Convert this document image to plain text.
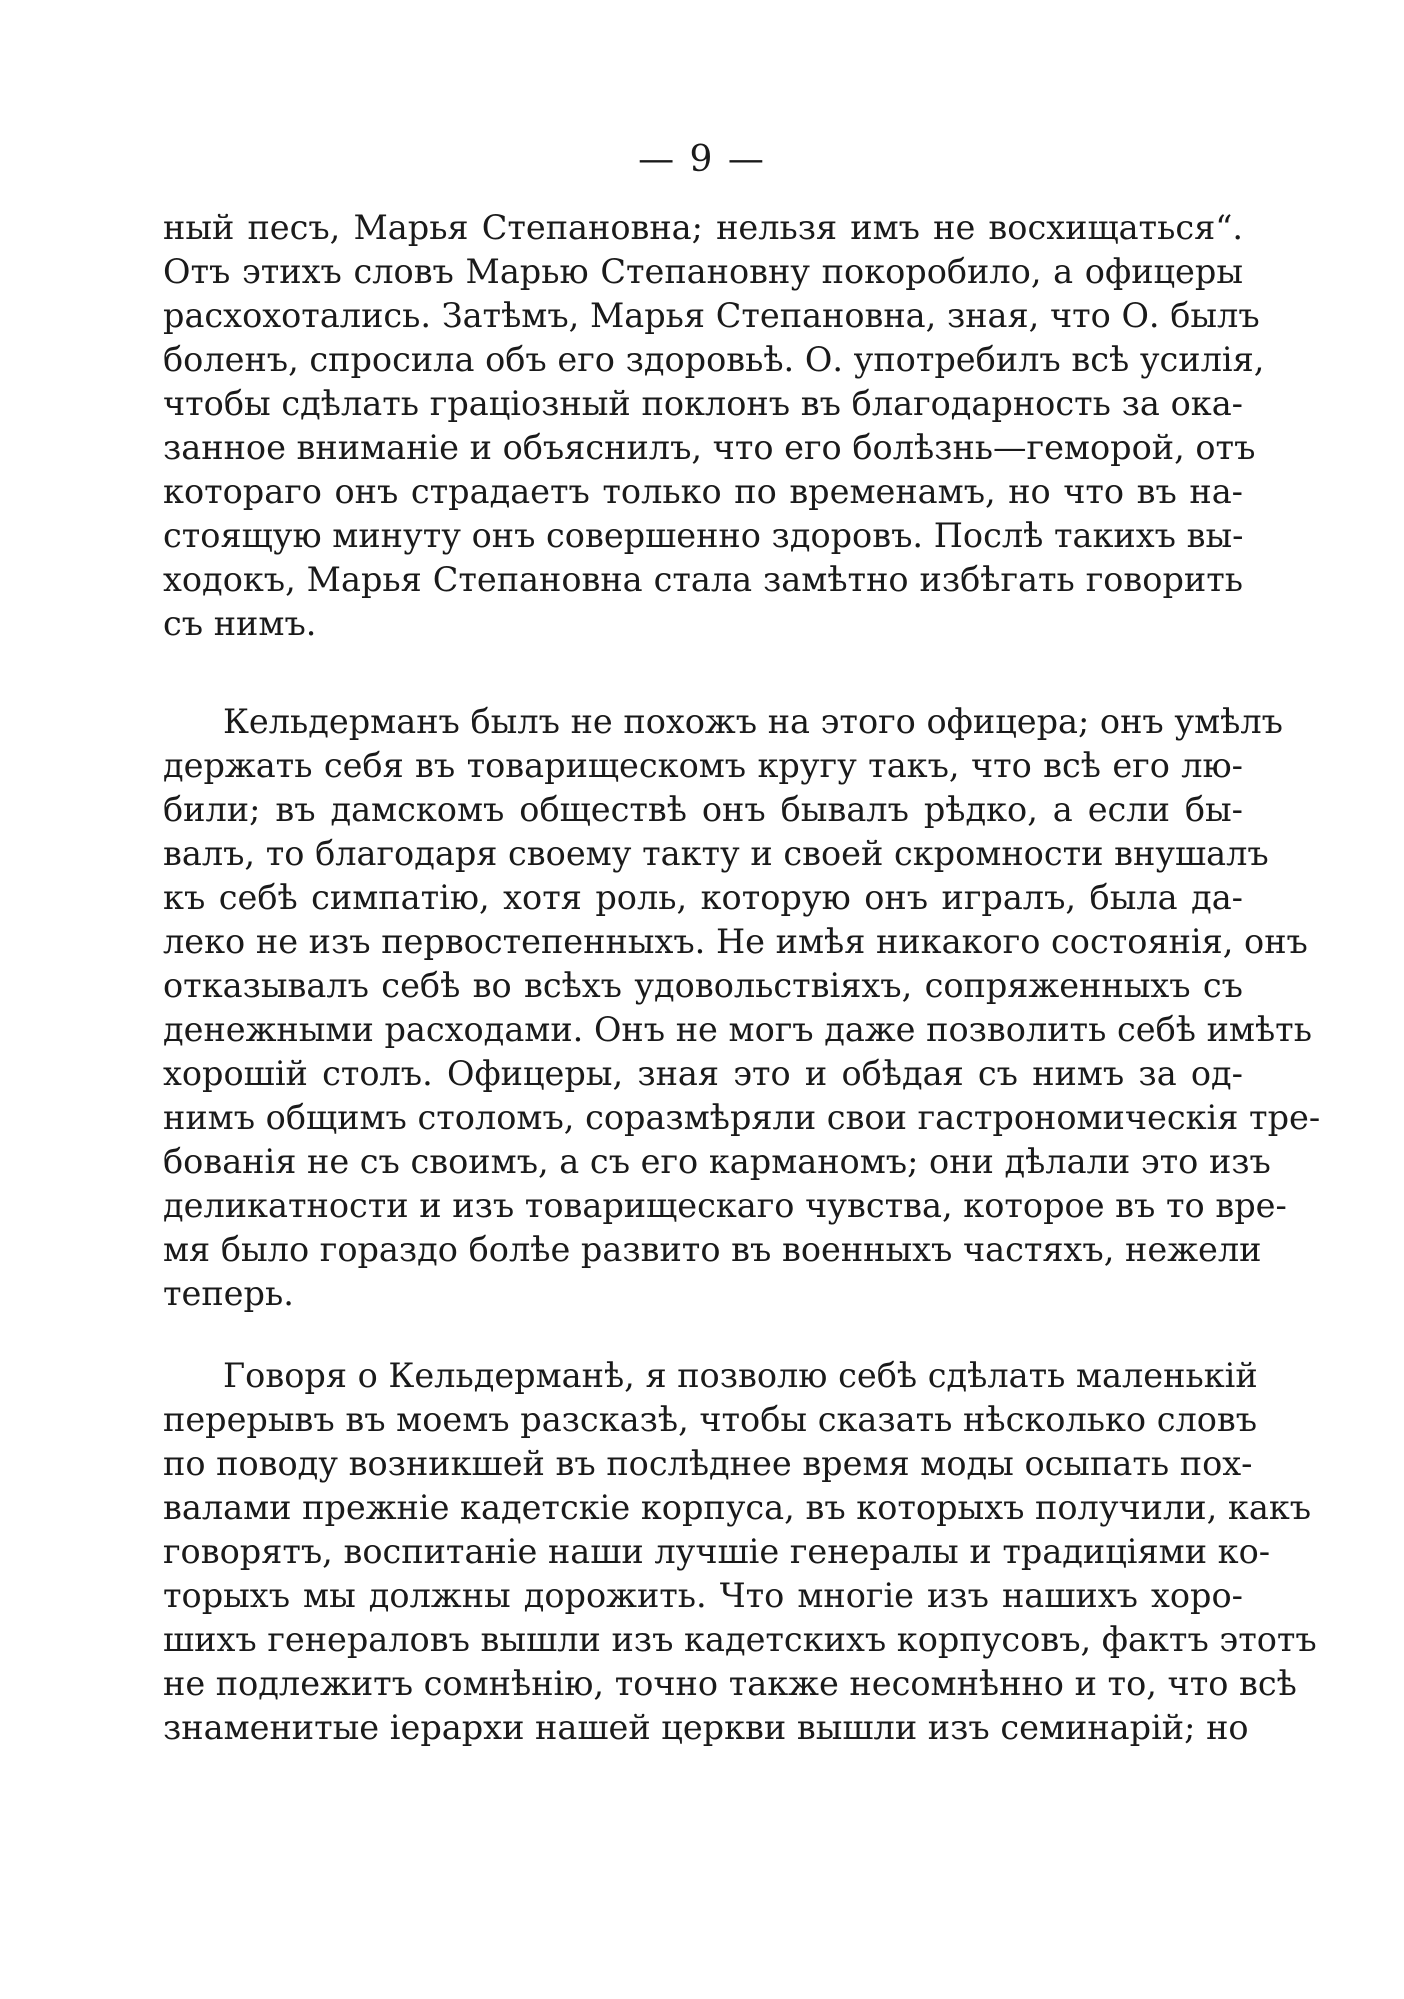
— 9 —
ный песъ, Марья Степановна; нельзя имъ не восхищаться“.
Отъ этихъ словъ Марью Степановну покоробило, а офицеры
расхохотались. Затѣмъ, Марья Степановна, зная, что О. былъ
боленъ, спросила объ его здоровьѣ. О. употребилъ всѣ усилія,
чтобы сдѣлать граціозный поклонъ въ благодарность за ока-
занное вниманіе и объяснилъ, что его болѣзнь—геморой, отъ
котораго онъ страдаетъ только по временамъ, но что въ на-
стоящую минуту онъ совершенно здоровъ. Послѣ такихъ вы-
ходокъ, Марья Степановна стала замѣтно избѣгать говорить
съ нимъ.
Кельдерманъ былъ не похожъ на этого офицера; онъ умѣлъ
держать себя въ товарищескомъ кругу такъ, что всѣ его лю-
били; въ дамскомъ обществѣ онъ бывалъ рѣдко, а если бы-
валъ, то благодаря своему такту и своей скромности внушалъ
къ себѣ симпатію, хотя роль, которую онъ игралъ, была да-
леко не изъ первостепенныхъ. Не имѣя никакого состоянія, онъ
отказывалъ себѣ во всѣхъ удовольствіяхъ, сопряженныхъ съ
денежными расходами. Онъ не могъ даже позволить себѣ имѣть
хорошій столъ. Офицеры, зная это и обѣдая съ нимъ за од-
нимъ общимъ столомъ, соразмѣряли свои гастрономическія тре-
бованія не съ своимъ, а съ его карманомъ; они дѣлали это изъ
деликатности и изъ товарищескаго чувства, которое въ то вре-
мя было гораздо болѣе развито въ военныхъ частяхъ, нежели
теперь.
Говоря о Кельдерманѣ, я позволю себѣ сдѣлать маленькій
перерывъ въ моемъ разсказѣ, чтобы сказать нѣсколько словъ
по поводу возникшей въ послѣднее время моды осыпать пох-
валами прежніе кадетскіе корпуса, въ которыхъ получили, какъ
говорятъ, воспитаніе наши лучшіе генералы и традиціями ко-
торыхъ мы должны дорожить. Что многіе изъ нашихъ хоро-
шихъ генераловъ вышли изъ кадетскихъ корпусовъ, фактъ этотъ
не подлежитъ сомнѣнію, точно также несомнѣнно и то, что всѣ
знаменитые іерархи нашей церкви вышли изъ семинарій; но
